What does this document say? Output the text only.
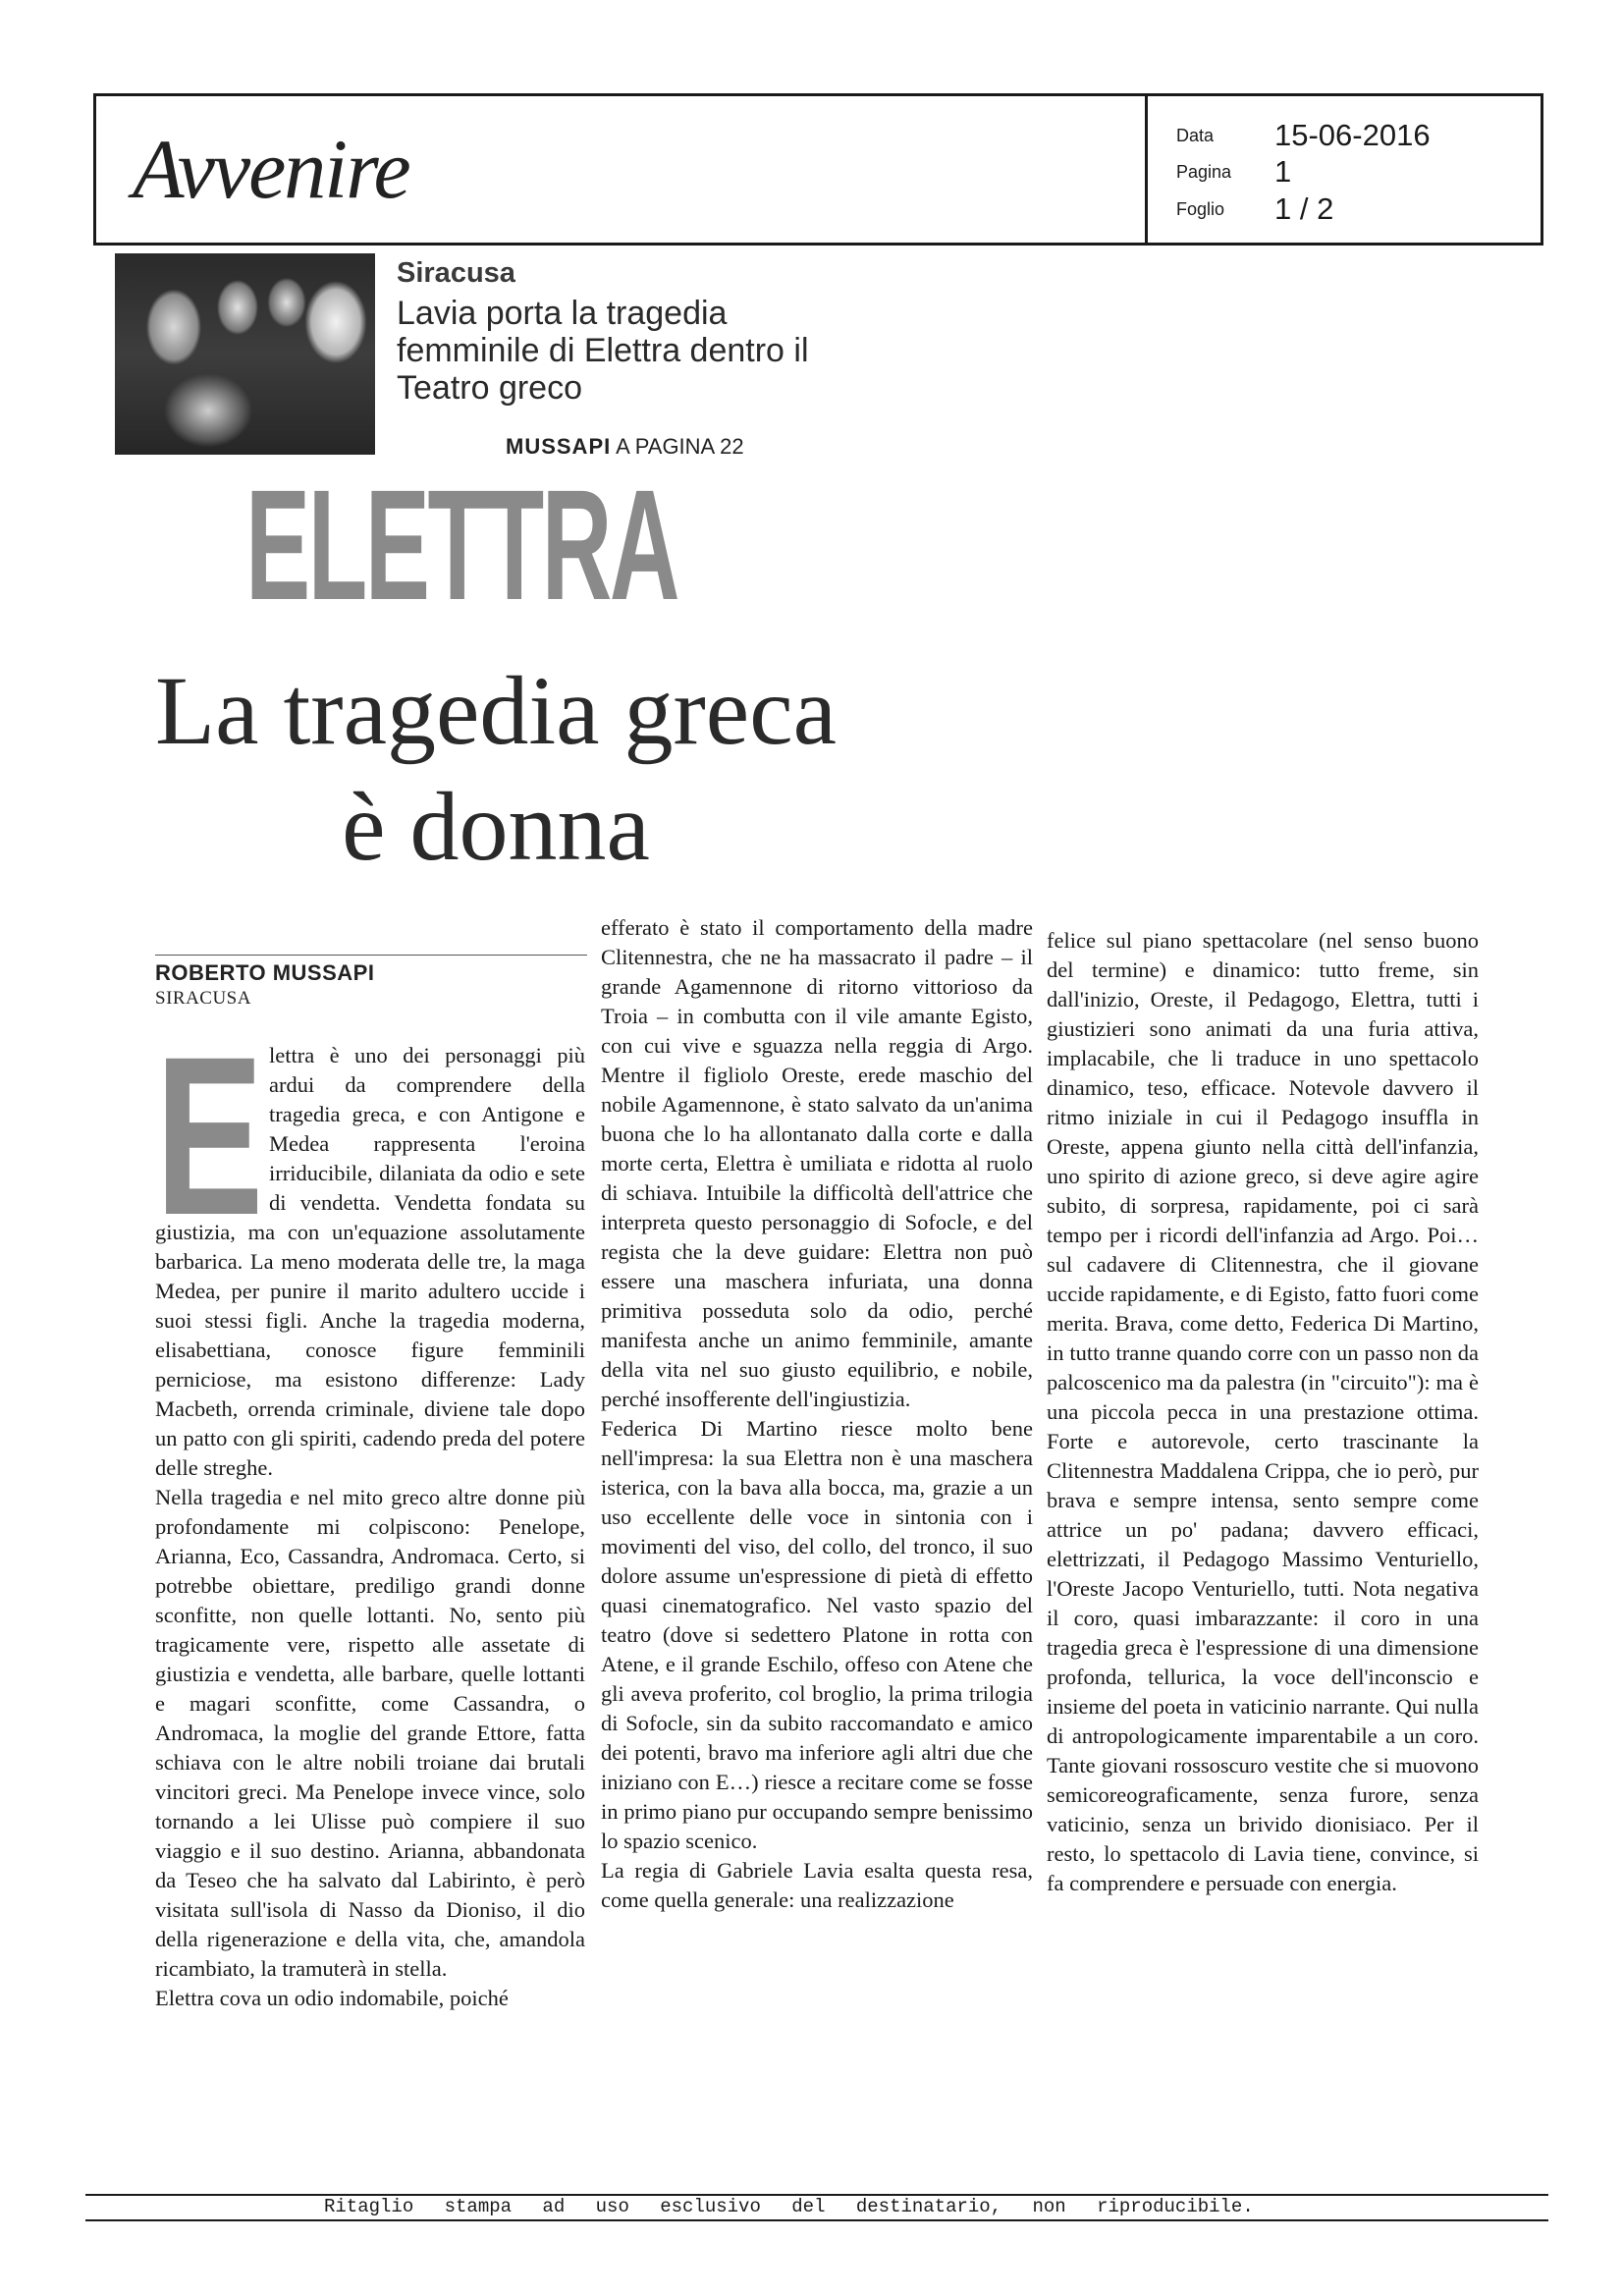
Avvenire	Data 15-06-2016
Pagina 1
Foglio 1 / 2
Siracusa
Lavia porta la tragedia femminile di Elettra dentro il Teatro greco
MUSSAPI A PAGINA 22
ELETTRA
La tragedia greca
è donna
ROBERTO MUSSAPI
SIRACUSA
E lettra è uno dei personaggi più ardui da comprendere della tragedia greca, e con Antigone e Medea rappresenta l'eroina irriducibile, dilaniata da odio e sete di vendetta. Vendetta fondata su giustizia, ma con un'equazione assolutamente barbarica. La meno moderata delle tre, la maga Medea, per punire il marito adultero uccide i suoi stessi figli. Anche la tragedia moderna, elisabettiana, conosce figure femminili perniciose, ma esistono differenze: Lady Macbeth, orrenda criminale, diviene tale dopo un patto con gli spiriti, cadendo preda del potere delle streghe.

Nella tragedia e nel mito greco altre donne più profondamente mi colpiscono: Penelope, Arianna, Eco, Cassandra, Andromaca. Certo, si potrebbe obiettare, prediligo grandi donne sconfitte, non quelle lottanti. No, sento più tragicamente vere, rispetto alle assetate di giustizia e vendetta, alle barbare, quelle lottanti e magari sconfitte, come Cassandra, o Andromaca, la moglie del grande Ettore, fatta schiava con le altre nobili troiane dai brutali vincitori greci. Ma Penelope invece vince, solo tornando a lei Ulisse può compiere il suo viaggio e il suo destino. Arianna, abbandonata da Teseo che ha salvato dal Labirinto, è però visitata sull'isola di Nasso da Dioniso, il dio della rigenerazione e della vita, che, amandola ricambiato, la tramuterà in stella.

Elettra cova un odio indomabile, poiché

efferato è stato il comportamento della madre Clitennestra, che ne ha massacrato il padre – il grande Agamennone di ritorno vittorioso da Troia – in combutta con il vile amante Egisto, con cui vive e sguazza nella reggia di Argo. Mentre il figliolo Oreste, erede maschio del nobile Agamennone, è stato salvato da un'anima buona che lo ha allontanato dalla corte e dalla morte certa, Elettra è umiliata e ridotta al ruolo di schiava. Intuibile la difficoltà dell'attrice che interpreta questo personaggio di Sofocle, e del regista che la deve guidare: Elettra non può essere una maschera infuriata, una donna primitiva posseduta solo da odio, perché manifesta anche un animo femminile, amante della vita nel suo giusto equilibrio, e nobile, perché insofferente dell'ingiustizia.

Federica Di Martino riesce molto bene nell'impresa: la sua Elettra non è una maschera isterica, con la bava alla bocca, ma, grazie a un uso eccellente delle voce in sintonia con i movimenti del viso, del collo, del tronco, il suo dolore assume un'espressione di pietà di effetto quasi cinematografico. Nel vasto spazio del teatro (dove si sedettero Platone in rotta con Atene, e il grande Eschilo, offeso con Atene che gli aveva proferito, col broglio, la prima trilogia di Sofocle, sin da subito raccomandato e amico dei potenti, bravo ma inferiore agli altri due che iniziano con E…) riesce a recitare come se fosse in primo piano pur occupando sempre benissimo lo spazio scenico.

La regia di Gabriele Lavia esalta questa resa, come quella generale: una realizzazione

felice sul piano spettacolare (nel senso buono del termine) e dinamico: tutto freme, sin dall'inizio, Oreste, il Pedagogo, Elettra, tutti i giustizieri sono animati da una furia attiva, implacabile, che li traduce in uno spettacolo dinamico, teso, efficace. Notevole davvero il ritmo iniziale in cui il Pedagogo insuffla in Oreste, appena giunto nella città dell'infanzia, uno spirito di azione greco, si deve agire agire subito, di sorpresa, rapidamente, poi ci sarà tempo per i ricordi dell'infanzia ad Argo. Poi… sul cadavere di Clitennestra, che il giovane uccide rapidamente, e di Egisto, fatto fuori come merita. Brava, come detto, Federica Di Martino, in tutto tranne quando corre con un passo non da palcoscenico ma da palestra (in "circuito"): ma è una piccola pecca in una prestazione ottima. Forte e autorevole, certo trascinante la Clitennestra Maddalena Crippa, che io però, pur brava e sempre intensa, sento sempre come attrice un po' padana; davvero efficaci, elettrizzati, il Pedagogo Massimo Venturiello, l'Oreste Jacopo Venturiello, tutti. Nota negativa il coro, quasi imbarazzante: il coro in una tragedia greca è l'espressione di una dimensione profonda, tellurica, la voce dell'inconscio e insieme del poeta in vaticinio narrante. Qui nulla di antropologicamente imparentabile a un coro. Tante giovani rossoscuro vestite che si muovono semicoreograficamente, senza furore, senza vaticinio, senza un brivido dionisiaco. Per il resto, lo spettacolo di Lavia tiene, convince, si fa comprendere e persuade con energia.

Ritaglio stampa ad uso esclusivo del destinatario, non riproducibile.
